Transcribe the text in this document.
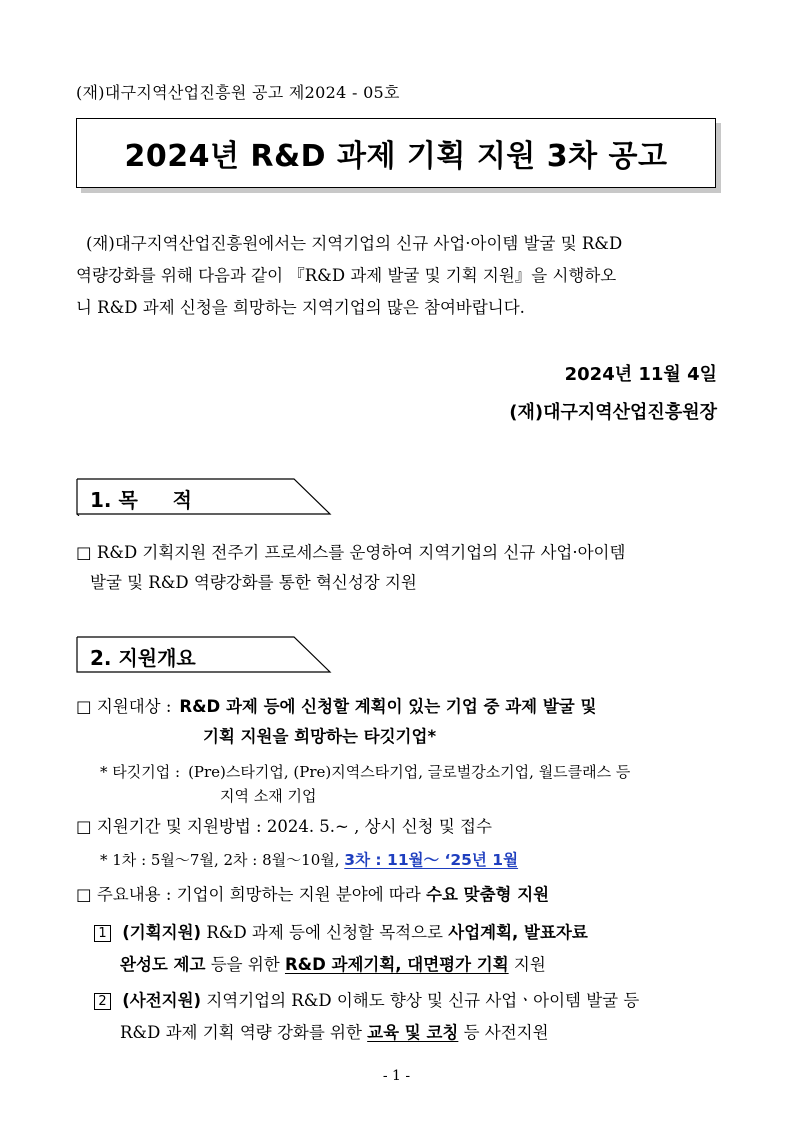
(재)대구지역산업진흥원 공고 제2024 - 05호
2024년 R&D 과제 기획 지원 3차 공고

(재)대구지역산업진흥원에서는 지역기업의 신규 사업·아이템 발굴 및 R&D

역량강화를 위해 다음과 같이 『R&D 과제 발굴 및 기획 지원』을 시행하오

니 R&D 과제 신청을 희망하는 지역기업의 많은 참여바랍니다.

2024년 11월 4일
(재)대구지역산업진흥원장
1. 목     적
□ R&D 기획지원 전주기 프로세스를 운영하여 지역기업의 신규 사업·아이템
발굴 및 R&D 역량강화를 통한 혁신성장 지원
2. 지원개요
□ 지원대상 : R&D 과제 등에 신청할 계획이 있는 기업 중 과제 발굴 및
기획 지원을 희망하는 타깃기업*
* 타깃기업 : (Pre)스타기업, (Pre)지역스타기업, 글로벌강소기업, 월드클래스 등
지역 소재 기업
□ 지원기간 및 지원방법 : 2024. 5.~ , 상시 신청 및 접수
* 1차 : 5월～7월, 2차 : 8월～10월, 3차 : 11월～ ‘25년 1월
□ 주요내용 : 기업이 희망하는 지원 분야에 따라 수요 맞춤형 지원
1 (기획지원) R&D 과제 등에 신청할 목적으로 사업계획, 발표자료
완성도 제고 등을 위한 R&D 과제기획, 대면평가 기획 지원
2 (사전지원) 지역기업의 R&D 이해도 향상 및 신규 사업ㆍ아이템 발굴 등
R&D 과제 기획 역량 강화를 위한 교육 및 코칭 등 사전지원
- 1 -
